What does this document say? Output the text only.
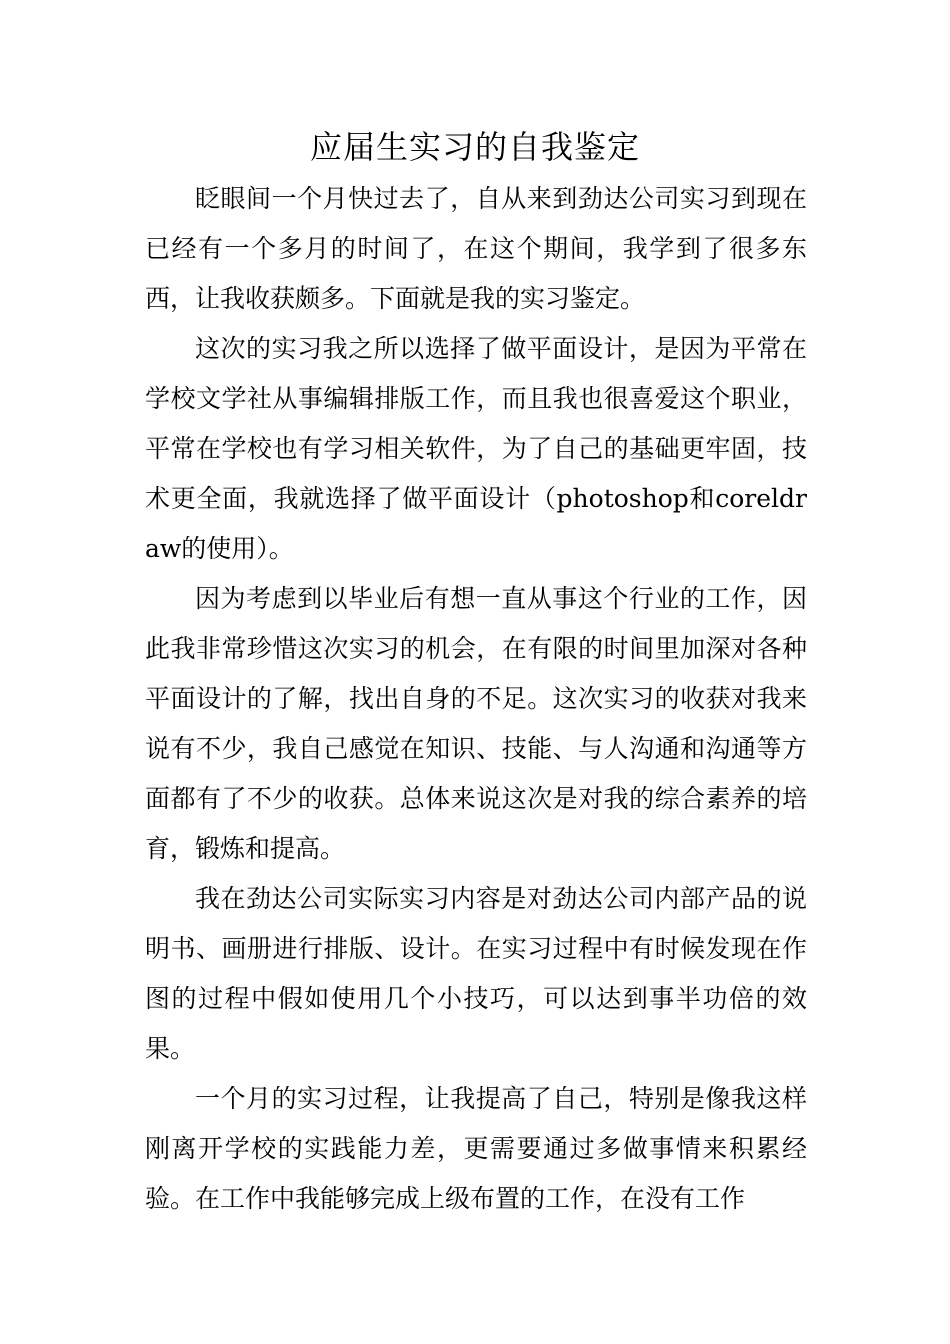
应届生实习的自我鉴定

眨眼间一个月快过去了，自从来到劲达公司实习到现在已经有一个多月的时间了，在这个期间，我学到了很多东西，让我收获颇多。下面就是我的实习鉴定。

这次的实习我之所以选择了做平面设计，是因为平常在学校文学社从事编辑排版工作，而且我也很喜爱这个职业，平常在学校也有学习相关软件，为了自己的基础更牢固，技术更全面，我就选择了做平面设计（photoshop和coreldraw的使用）。

因为考虑到以毕业后有想一直从事这个行业的工作，因此我非常珍惜这次实习的机会，在有限的时间里加深对各种平面设计的了解，找出自身的不足。这次实习的收获对我来说有不少，我自己感觉在知识、技能、与人沟通和沟通等方面都有了不少的收获。总体来说这次是对我的综合素养的培育，锻炼和提高。

我在劲达公司实际实习内容是对劲达公司内部产品的说明书、画册进行排版、设计。在实习过程中有时候发现在作图的过程中假如使用几个小技巧，可以达到事半功倍的效果。

一个月的实习过程，让我提高了自己，特别是像我这样刚离开学校的实践能力差，更需要通过多做事情来积累经验。在工作中我能够完成上级布置的工作，在没有工作
